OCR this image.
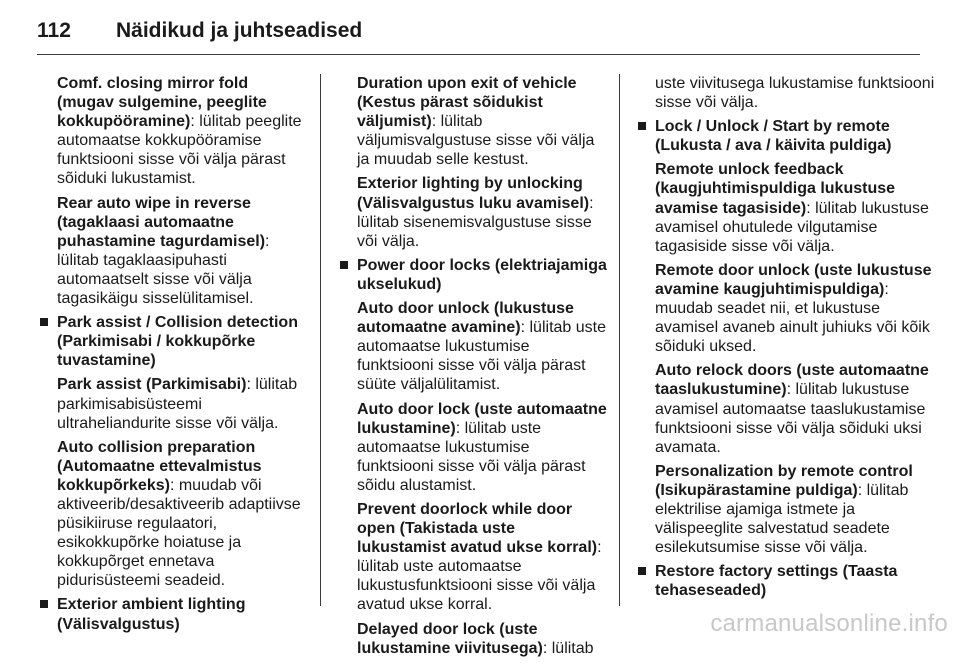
112 Näidikud ja juhtseadised
Comf. closing mirror fold (mugav sulgemine, peeglite kokkupööramine): lülitab peeglite automaatse kokkupööramise funktsiooni sisse või välja pärast sõiduki lukustamist.
Rear auto wipe in reverse (tagaklaasi automaatne puhastamine tagurdamisel): lülitab tagaklaasipuhasti automaatselt sisse või välja tagasikäigu sisselülitamisel.
Park assist / Collision detection (Parkimisabi / kokkupõrke tuvastamine)
Park assist (Parkimisabi): lülitab parkimisabisüsteemi ultraheliandurite sisse või välja.
Auto collision preparation (Automaatne ettevalmistus kokkupõrkeks): muudab või aktiveerib/desaktiveerib adaptiivse püsikiiruse regulaatori, esikokkupõrke hoiatuse ja kokkupõrget ennetava pidurisüsteemi seadeid.
Exterior ambient lighting (Välisvalgustus)
Duration upon exit of vehicle (Kestus pärast sõidukist väljumist): lülitab väljumisvalgustuse sisse või välja ja muudab selle kestust.
Exterior lighting by unlocking (Välisvalgustus luku avamisel): lülitab sisenemisvalgustuse sisse või välja.
Power door locks (elektriajamiga ukselukud)
Auto door unlock (lukustuse automaatne avamine): lülitab uste automaatse lukustumise funktsiooni sisse või välja pärast süüte väljalülitamist.
Auto door lock (uste automaatne lukustamine): lülitab uste automaatse lukustumise funktsiooni sisse või välja pärast sõidu alustamist.
Prevent doorlock while door open (Takistada uste lukustamist avatud ukse korral): lülitab uste automaatse lukustusfunktsiooni sisse või välja avatud ukse korral.
Delayed door lock (uste lukustamine viivitusega): lülitab
uste viivitusega lukustamise funktsiooni sisse või välja.
Lock / Unlock / Start by remote (Lukusta / ava / käivita puldiga)
Remote unlock feedback (kaugjuhtimispuldiga lukustuse avamise tagasiside): lülitab lukustuse avamisel ohutulede vilgutamise tagasiside sisse või välja.
Remote door unlock (uste lukustuse avamine kaugjuhtimispuldiga): muudab seadet nii, et lukustuse avamisel avaneb ainult juhiuks või kõik sõiduki uksed.
Auto relock doors (uste automaatne taaslukustumine): lülitab lukustuse avamisel automaatse taaslukustamise funktsiooni sisse või välja sõiduki uksi avamata.
Personalization by remote control (Isikupärastamine puldiga): lülitab elektrilise ajamiga istmete ja välispeeglite salvestatud seadete esilekutsumise sisse või välja.
Restore factory settings (Taasta tehaseseaded)
carmanualsonline.info
